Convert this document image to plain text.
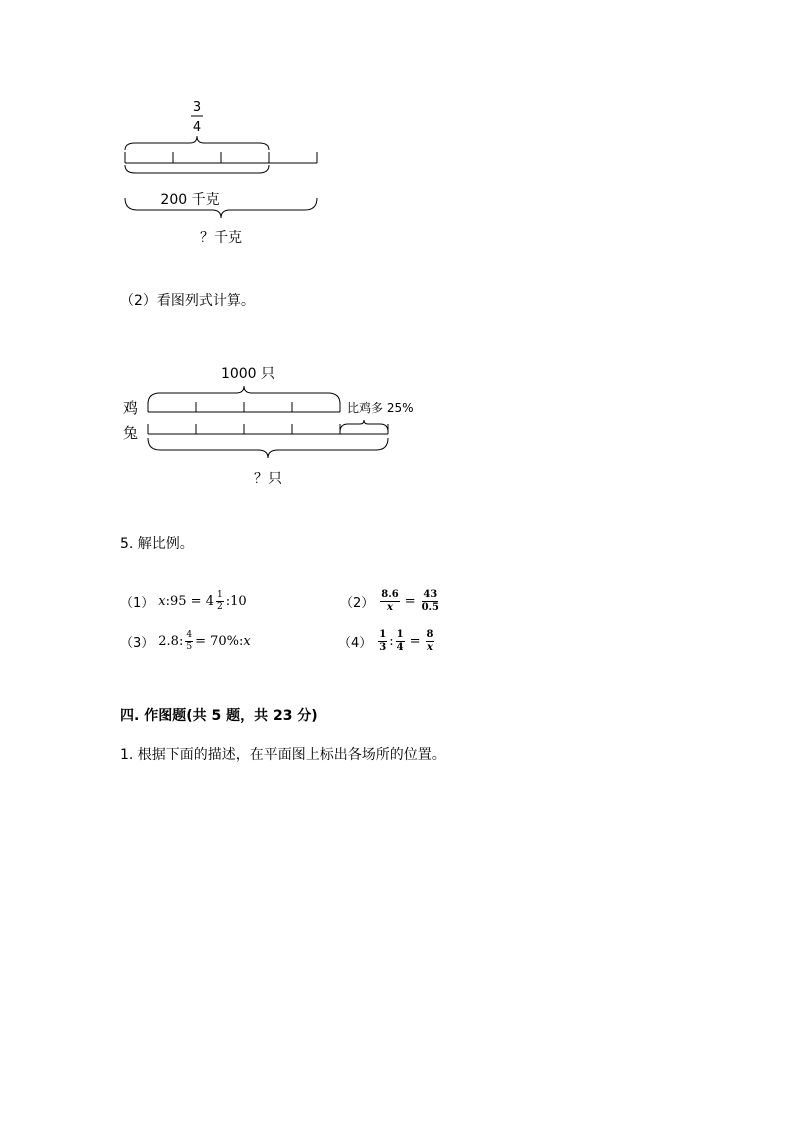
3
4
200 千克
？千克
（2）看图列式计算。
1000 只
鸡
兔
比鸡多 25%
？只
5. 解比例。
（1） x :95 = $4 \frac{1}{2}$ :10	$(2) \frac{8.6}{x} = \frac{43}{0.5}$
（3） 2.8: $\frac{4}{5} = 70\%$: x	$(4) \frac{1}{3}$ : $\frac{1}{4} = \frac{8}{x}$
四. 作图题(共 5 题，共 23 分)
1. 根据下面的描述，在平面图上标出各场所的位置。
